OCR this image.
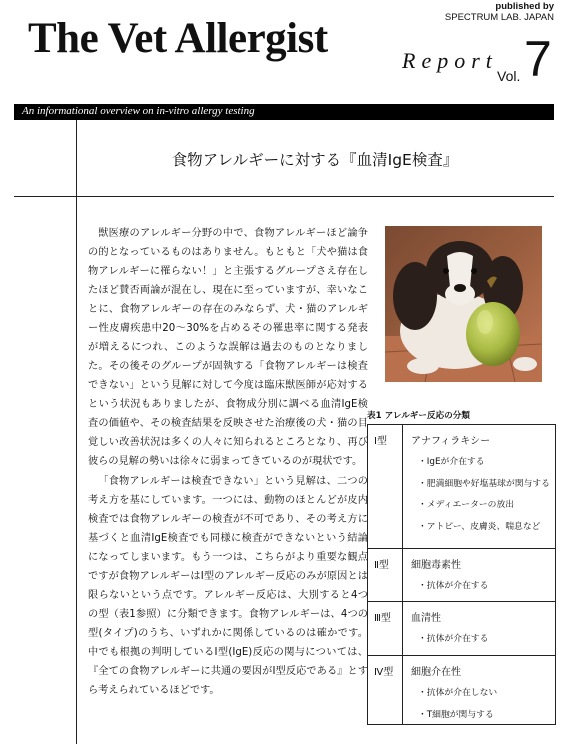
published by
SPECTRUM LAB. JAPAN
The Vet Allergist	Report
Vol. 7
An informational overview on in-vitro allergy testing
食物アレルギーに対する『血清IgE検査』

獣医療のアレルギー分野の中で、食物アレルギーほど論争の的となっているものはありません。もともと「犬や猫は食物アレルギーに罹らない！」と主張するグループさえ存在したほど賛否両論が混在し、現在に至っていますが、幸いなことに、食物アレルギーの存在のみならず、犬・猫のアレルギー性皮膚疾患中20～30%を占めるその罹患率に関する発表が増えるにつれ、このような誤解は過去のものとなりました。その後そのグループが固執する「食物アレルギーは検査できない」という見解に対して今度は臨床獣医師が応対するという状況もありましたが、食物成分別に調べる血清IgE検査の価値や、その検査結果を反映させた治療後の犬・猫の目覚しい改善状況は多くの人々に知られるところとなり、再び彼らの見解の勢いは徐々に弱まってきているのが現状です。

「食物アレルギーは検査できない」という見解は、二つの考え方を基にしています。一つには、動物のほとんどが皮内検査では食物アレルギーの検査が不可であり、その考え方に基づくと血清IgE検査でも同様に検査ができないという結論になってしまいます。もう一つは、こちらがより重要な観点ですが食物アレルギーはⅠ型のアレルギー反応のみが原因とは限らないという点です。アレルギー反応は、大別すると4つの型（表1参照）に分類できます。食物アレルギーは、4つの型(タイプ)のうち、いずれかに関係しているのは確かです。中でも根拠の判明しているⅠ型(IgE)反応の関与については、『全ての食物アレルギーに共通の要因がⅠ型反応である』とすら考えられているほどです。

表1 アレルギー反応の分類
Ⅰ型 アナフィラキシー
・IgEが介在する
・肥満細胞や好塩基球が関与する
・メディエーターの放出
・アトピー、皮膚炎、喘息など
Ⅱ型 細胞毒素性
・抗体が介在する
Ⅲ型 血清性
・抗体が介在する
Ⅳ型 細胞介在性
・抗体が介在しない
・T細胞が関与する
